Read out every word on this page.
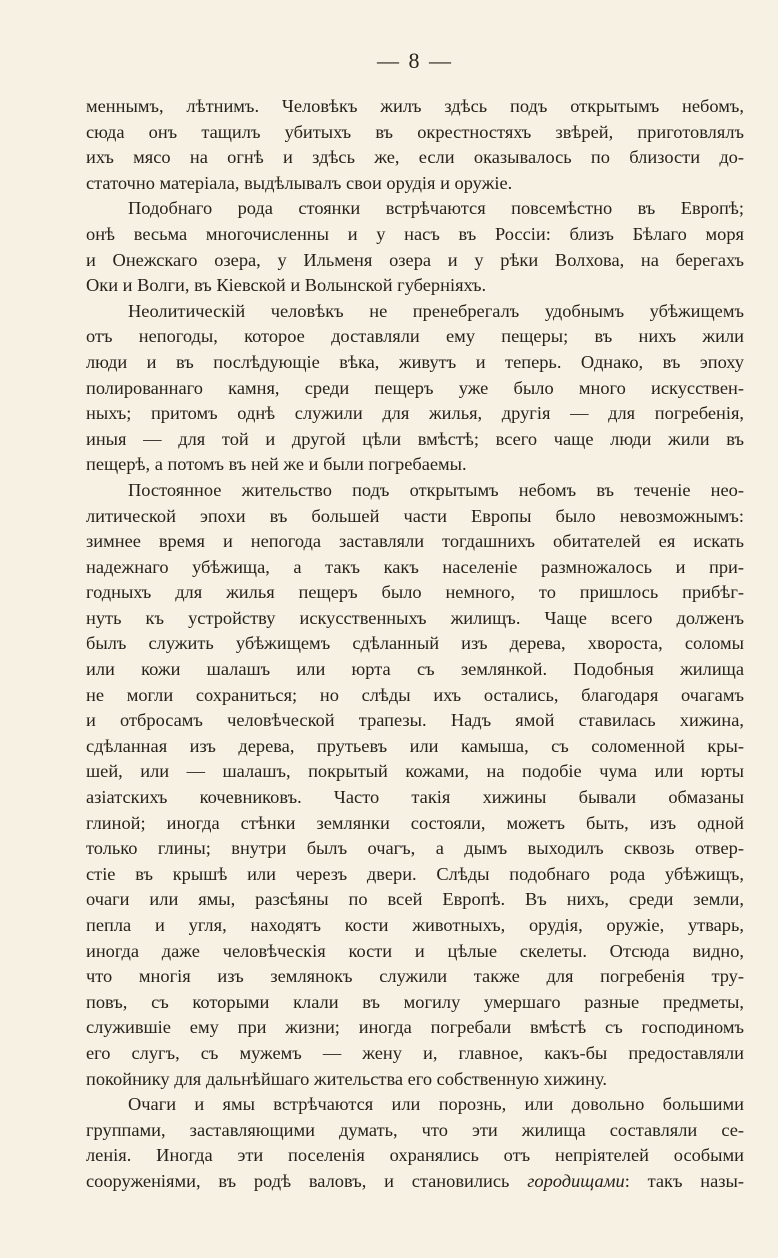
— 8 —
меннымъ, лѣтнимъ. Человѣкъ жилъ здѣсь подъ открытымъ небомъ,
сюда онъ тащилъ убитыхъ въ окрестностяхъ звѣрей, приготовлялъ
ихъ мясо на огнѣ и здѣсь же, если оказывалось по близости до-
статочно матеріала, выдѣлывалъ свои орудія и оружіе.
Подобнаго рода стоянки встрѣчаются повсемѣстно въ Европѣ;
онѣ весьма многочисленны и у насъ въ Россіи: близъ Бѣлаго моря
и Онежскаго озера, у Ильменя озера и у рѣки Волхова, на берегахъ
Оки и Волги, въ Кіевской и Волынской губерніяхъ.
Неолитическій человѣкъ не пренебрегалъ удобнымъ убѣжищемъ
отъ непогоды, которое доставляли ему пещеры; въ нихъ жили
люди и въ послѣдующіе вѣка, живутъ и теперь. Однако, въ эпоху
полированнаго камня, среди пещеръ уже было много искусствен-
ныхъ; притомъ однѣ служили для жилья, другія — для погребенія,
иныя — для той и другой цѣли вмѣстѣ; всего чаще люди жили въ
пещерѣ, а потомъ въ ней же и были погребаемы.
Постоянное жительство подъ открытымъ небомъ въ теченіе нео-
литической эпохи въ большей части Европы было невозможнымъ:
зимнее время и непогода заставляли тогдашнихъ обитателей ея искать
надежнаго убѣжища, а такъ какъ населеніе размножалось и при-
годныхъ для жилья пещеръ было немного, то пришлось прибѣг-
нуть къ устройству искусственныхъ жилищъ. Чаще всего долженъ
былъ служить убѣжищемъ сдѣланный изъ дерева, хвороста, соломы
или кожи шалашъ или юрта съ землянкой. Подобныя жилища
не могли сохраниться; но слѣды ихъ остались, благодаря очагамъ
и отбросамъ человѣческой трапезы. Надъ ямой ставилась хижина,
сдѣланная изъ дерева, прутьевъ или камыша, съ соломенной кры-
шей, или — шалашъ, покрытый кожами, на подобіе чума или юрты
азіатскихъ кочевниковъ. Часто такія хижины бывали обмазаны
глиной; иногда стѣнки землянки состояли, можетъ быть, изъ одной
только глины; внутри былъ очагъ, а дымъ выходилъ сквозь отвер-
стіе въ крышѣ или черезъ двери. Слѣды подобнаго рода убѣжищъ,
очаги или ямы, разсѣяны по всей Европѣ. Въ нихъ, среди земли,
пепла и угля, находятъ кости животныхъ, орудія, оружіе, утварь,
иногда даже человѣческія кости и цѣлые скелеты. Отсюда видно,
что многія изъ землянокъ служили также для погребенія тру-
повъ, съ которыми клали въ могилу умершаго разные предметы,
служившіе ему при жизни; иногда погребали вмѣстѣ съ господиномъ
его слугъ, съ мужемъ — жену и, главное, какъ-бы предоставляли
покойнику для дальнѣйшаго жительства его собственную хижину.
Очаги и ямы встрѣчаются или порознь, или довольно большими
группами, заставляющими думать, что эти жилища составляли се-
ленія. Иногда эти поселенія охранялись отъ непріятелей особыми
сооруженіями, въ родѣ валовъ, и становились городищами: такъ назы-
